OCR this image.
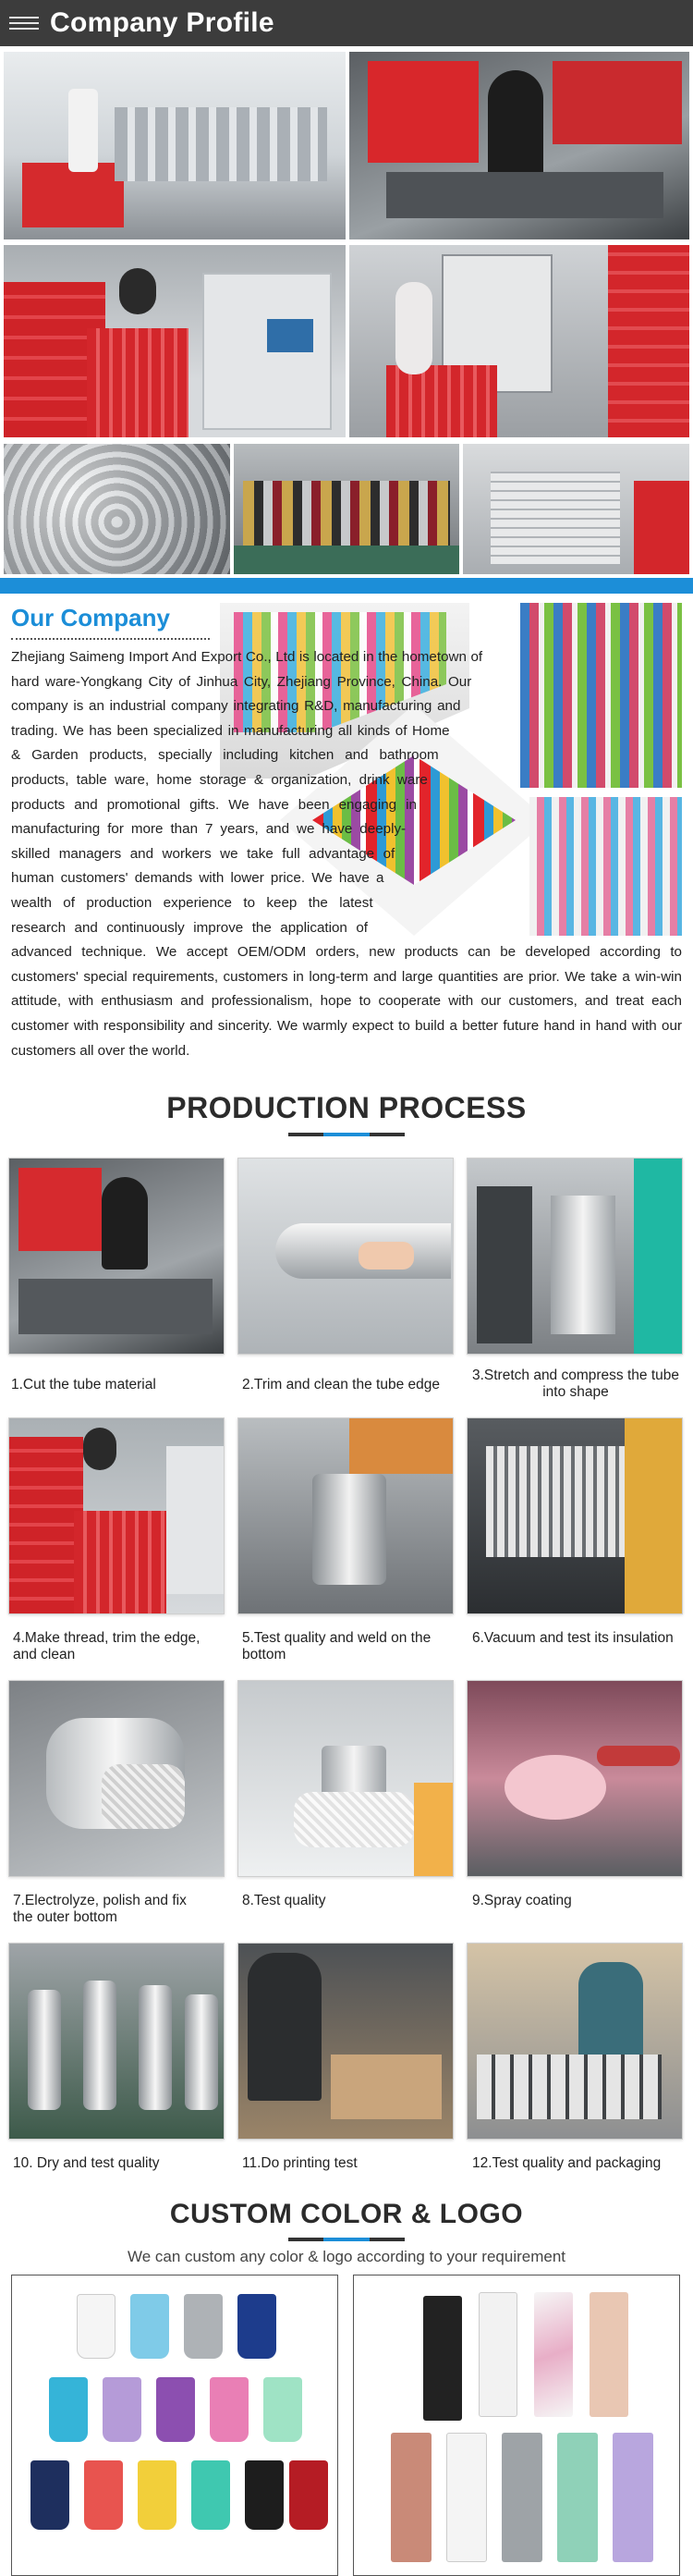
Company Profile
Our Company
Zhejiang Saimeng Import And Export Co., Ltd is located in the hometown of hard ware-Yongkang City of Jinhua City, Zhejiang Province, China. Our company is an industrial company integrating R&D, manufacturing and trading. We has been specialized in manufacturing all kinds of Home & Garden products, specially including kitchen and bathroom products, table ware, home storage & organization, drink ware products and promotional gifts. We have been engaging in manufacturing for more than 7 years, and we have deeply-skilled managers and workers we take full advantage of human customers' demands with lower price. We have a wealth of production experience to keep the latest research and continuously improve the application of advanced technique. We accept OEM/ODM orders, new products can be developed according to customers' special requirements, customers in long-term and large quantities are prior. We take a win-win attitude, with enthusiasm and professionalism, hope to cooperate with our customers, and treat each customer with responsibility and sincerity. We warmly expect to build a better future hand in hand with our customers all over the world.
PRODUCTION PROCESS
1.Cut the tube material	2.Trim and clean the tube edge
3.Stretch and compress the tube into shape
4.Make thread, trim the edge, and clean
5.Test quality and weld on the bottom
6.Vacuum and test its insulation
7.Electrolyze, polish and fix the outer bottom
8.Test quality	9.Spray coating
10. Dry and test quality	11.Do printing test	12.Test quality and packaging
CUSTOM COLOR & LOGO
We can custom any color & logo according to your requirement
